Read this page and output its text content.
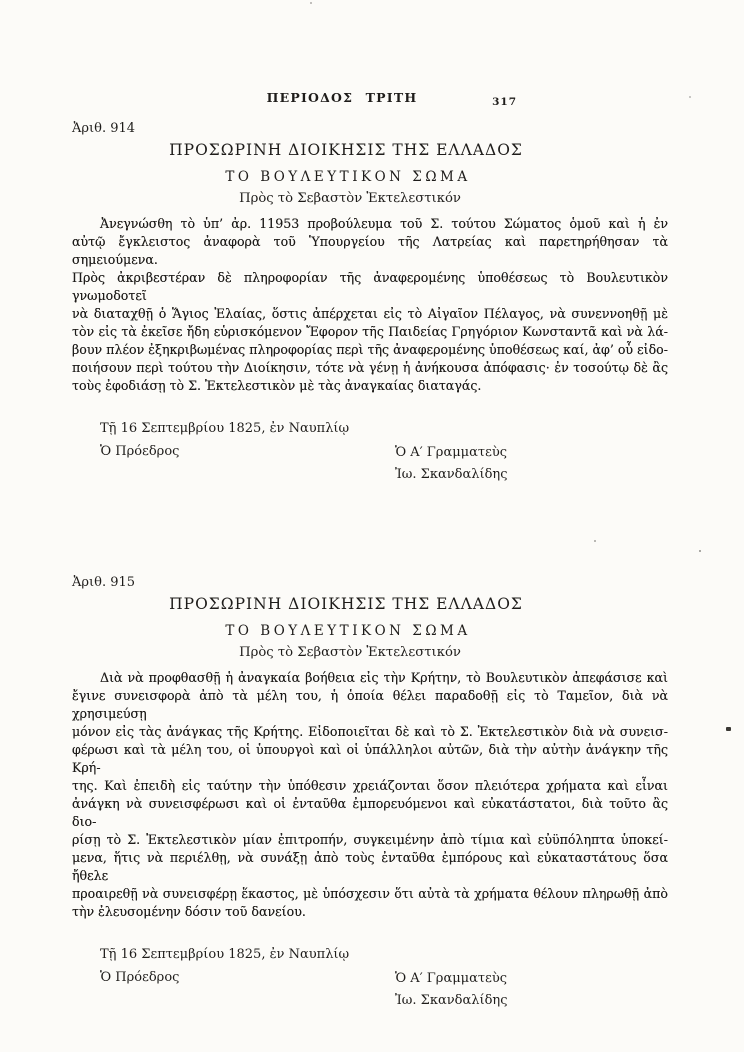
ΠΕΡΙΟΔΟΣ ΤΡΙΤΗ	317
Ἀριθ. 914
ΠΡΟΣΩΡΙΝΗ ΔΙΟΙΚΗΣΙΣ ΤΗΣ ΕΛΛΑΔΟΣ
ΤΟ ΒΟΥΛΕΥΤΙΚΟΝ ΣΩΜΑ
Πρὸς τὸ Σεβαστὸν Ἐκτελεστικόν
Ἀνεγνώσθη τὸ ὑπ’ ἀρ. 11953 προβούλευμα τοῦ Σ. τούτου Σώματος ὁμοῦ καὶ ἡ ἐν
αὐτῷ ἔγκλειστος ἀναφορὰ τοῦ Ὑπουργείου τῆς Λατρείας καὶ παρετηρήθησαν τὰ σημειούμενα.
Πρὸς ἀκριβεστέραν δὲ πληροφορίαν τῆς ἀναφερομένης ὑποθέσεως τὸ Βουλευτικὸν γνωμοδοτεῖ
νὰ διαταχθῇ ὁ Ἅγιος Ἐλαίας, ὅστις ἀπέρχεται εἰς τὸ Αἰγαῖον Πέλαγος, νὰ συνεννοηθῇ μὲ
τὸν εἰς τὰ ἐκεῖσε ἤδη εὑρισκόμενον Ἔφορον τῆς Παιδείας Γρηγόριον Κωνσταντᾶ καὶ νὰ λά-
βουν πλέον ἐξηκριβωμένας πληροφορίας περὶ τῆς ἀναφερομένης ὑποθέσεως καί, ἀφ’ οὗ εἰδο-
ποιήσουν περὶ τούτου τὴν Διοίκησιν, τότε νὰ γένῃ ἡ ἀνήκουσα ἀπόφασις· ἐν τοσούτῳ δὲ ἂς
τοὺς ἐφοδιάσῃ τὸ Σ. Ἐκτελεστικὸν μὲ τὰς ἀναγκαίας διαταγάς.
Τῇ 16 Σεπτεμβρίου 1825, ἐν Ναυπλίῳ
Ὁ Πρόεδρος	Ὁ Α′ Γραμματεὺς
Ἰω. Σκανδαλίδης
Ἀριθ. 915
ΠΡΟΣΩΡΙΝΗ ΔΙΟΙΚΗΣΙΣ ΤΗΣ ΕΛΛΑΔΟΣ
ΤΟ ΒΟΥΛΕΥΤΙΚΟΝ ΣΩΜΑ
Πρὸς τὸ Σεβαστὸν Ἐκτελεστικόν
Διὰ νὰ προφθασθῇ ἡ ἀναγκαία βοήθεια εἰς τὴν Κρήτην, τὸ Βουλευτικὸν ἀπεφάσισε καὶ
ἔγινε συνεισφορὰ ἀπὸ τὰ μέλη του, ἡ ὁποία θέλει παραδοθῇ εἰς τὸ Ταμεῖον, διὰ νὰ χρησιμεύσῃ
μόνον εἰς τὰς ἀνάγκας τῆς Κρήτης. Εἰδοποιεῖται δὲ καὶ τὸ Σ. Ἐκτελεστικὸν διὰ νὰ συνεισ-
φέρωσι καὶ τὰ μέλη του, οἱ ὑπουργοὶ καὶ οἱ ὑπάλληλοι αὐτῶν, διὰ τὴν αὐτὴν ἀνάγκην τῆς Κρή-
της. Καὶ ἐπειδὴ εἰς ταύτην τὴν ὑπόθεσιν χρειάζονται ὅσον πλειότερα χρήματα καὶ εἶναι
ἀνάγκη νὰ συνεισφέρωσι καὶ οἱ ἐνταῦθα ἐμπορευόμενοι καὶ εὐκατάστατοι, διὰ τοῦτο ἂς διο-
ρίσῃ τὸ Σ. Ἐκτελεστικὸν μίαν ἐπιτροπήν, συγκειμένην ἀπὸ τίμια καὶ εὐϋπόληπτα ὑποκεί-
μενα, ἥτις νὰ περιέλθῃ, νὰ συνάξῃ ἀπὸ τοὺς ἐνταῦθα ἐμπόρους καὶ εὐκαταστάτους ὅσα ἤθελε
προαιρεθῇ νὰ συνεισφέρῃ ἕκαστος, μὲ ὑπόσχεσιν ὅτι αὐτὰ τὰ χρήματα θέλουν πληρωθῇ ἀπὸ
τὴν ἐλευσομένην δόσιν τοῦ δανείου.
Τῇ 16 Σεπτεμβρίου 1825, ἐν Ναυπλίῳ
Ὁ Πρόεδρος	Ὁ Α′ Γραμματεὺς
Ἰω. Σκανδαλίδης
